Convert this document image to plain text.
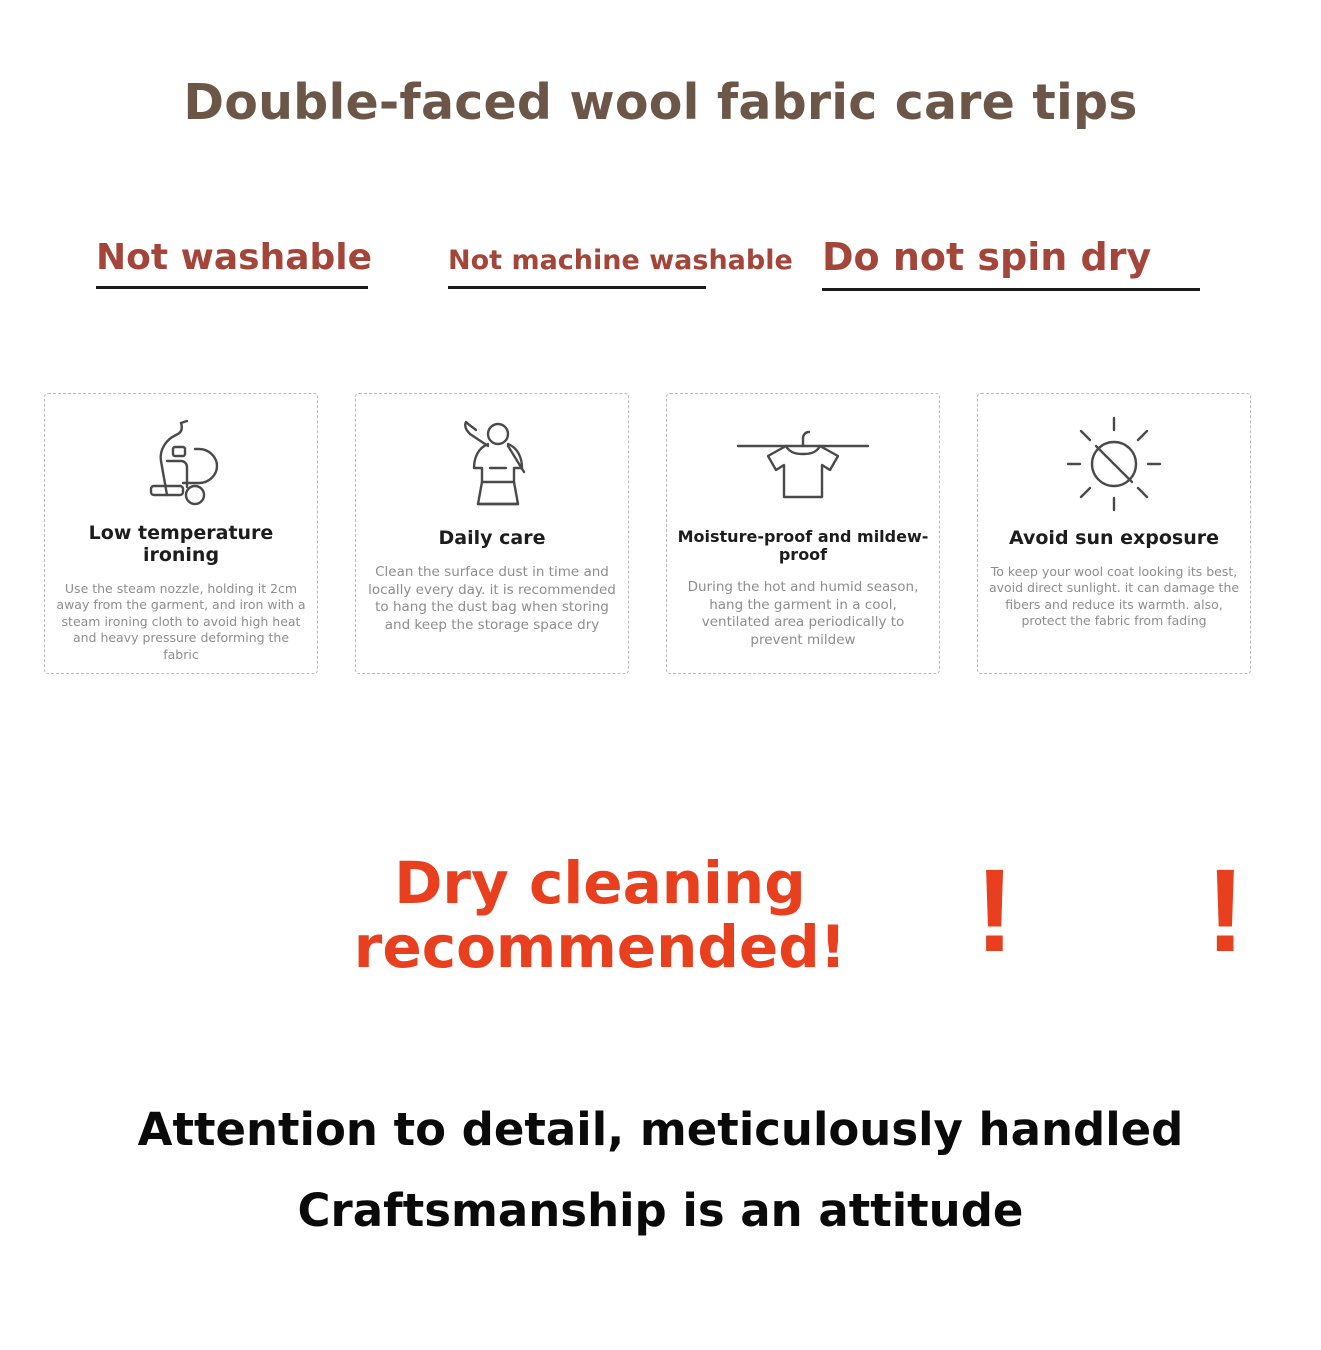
Double-faced wool fabric care tips
Not washable	Not machine washable Do not spin dry
Low temperature ironing
Use the steam nozzle, holding it 2cm away from the garment, and iron with a steam ironing cloth to avoid high heat and heavy pressure deforming the fabric
Daily care
Clean the surface dust in time and locally every day. it is recommended to hang the dust bag when storing and keep the storage space dry
Moisture-proof and mildew-proof
During the hot and humid season, hang the garment in a cool, ventilated area periodically to prevent mildew
Avoid sun exposure
To keep your wool coat looking its best, avoid direct sunlight. it can damage the fibers and reduce its warmth. also, protect the fabric from fading
Dry cleaning recommended! ! !
Attention to detail, meticulously handled
Craftsmanship is an attitude
